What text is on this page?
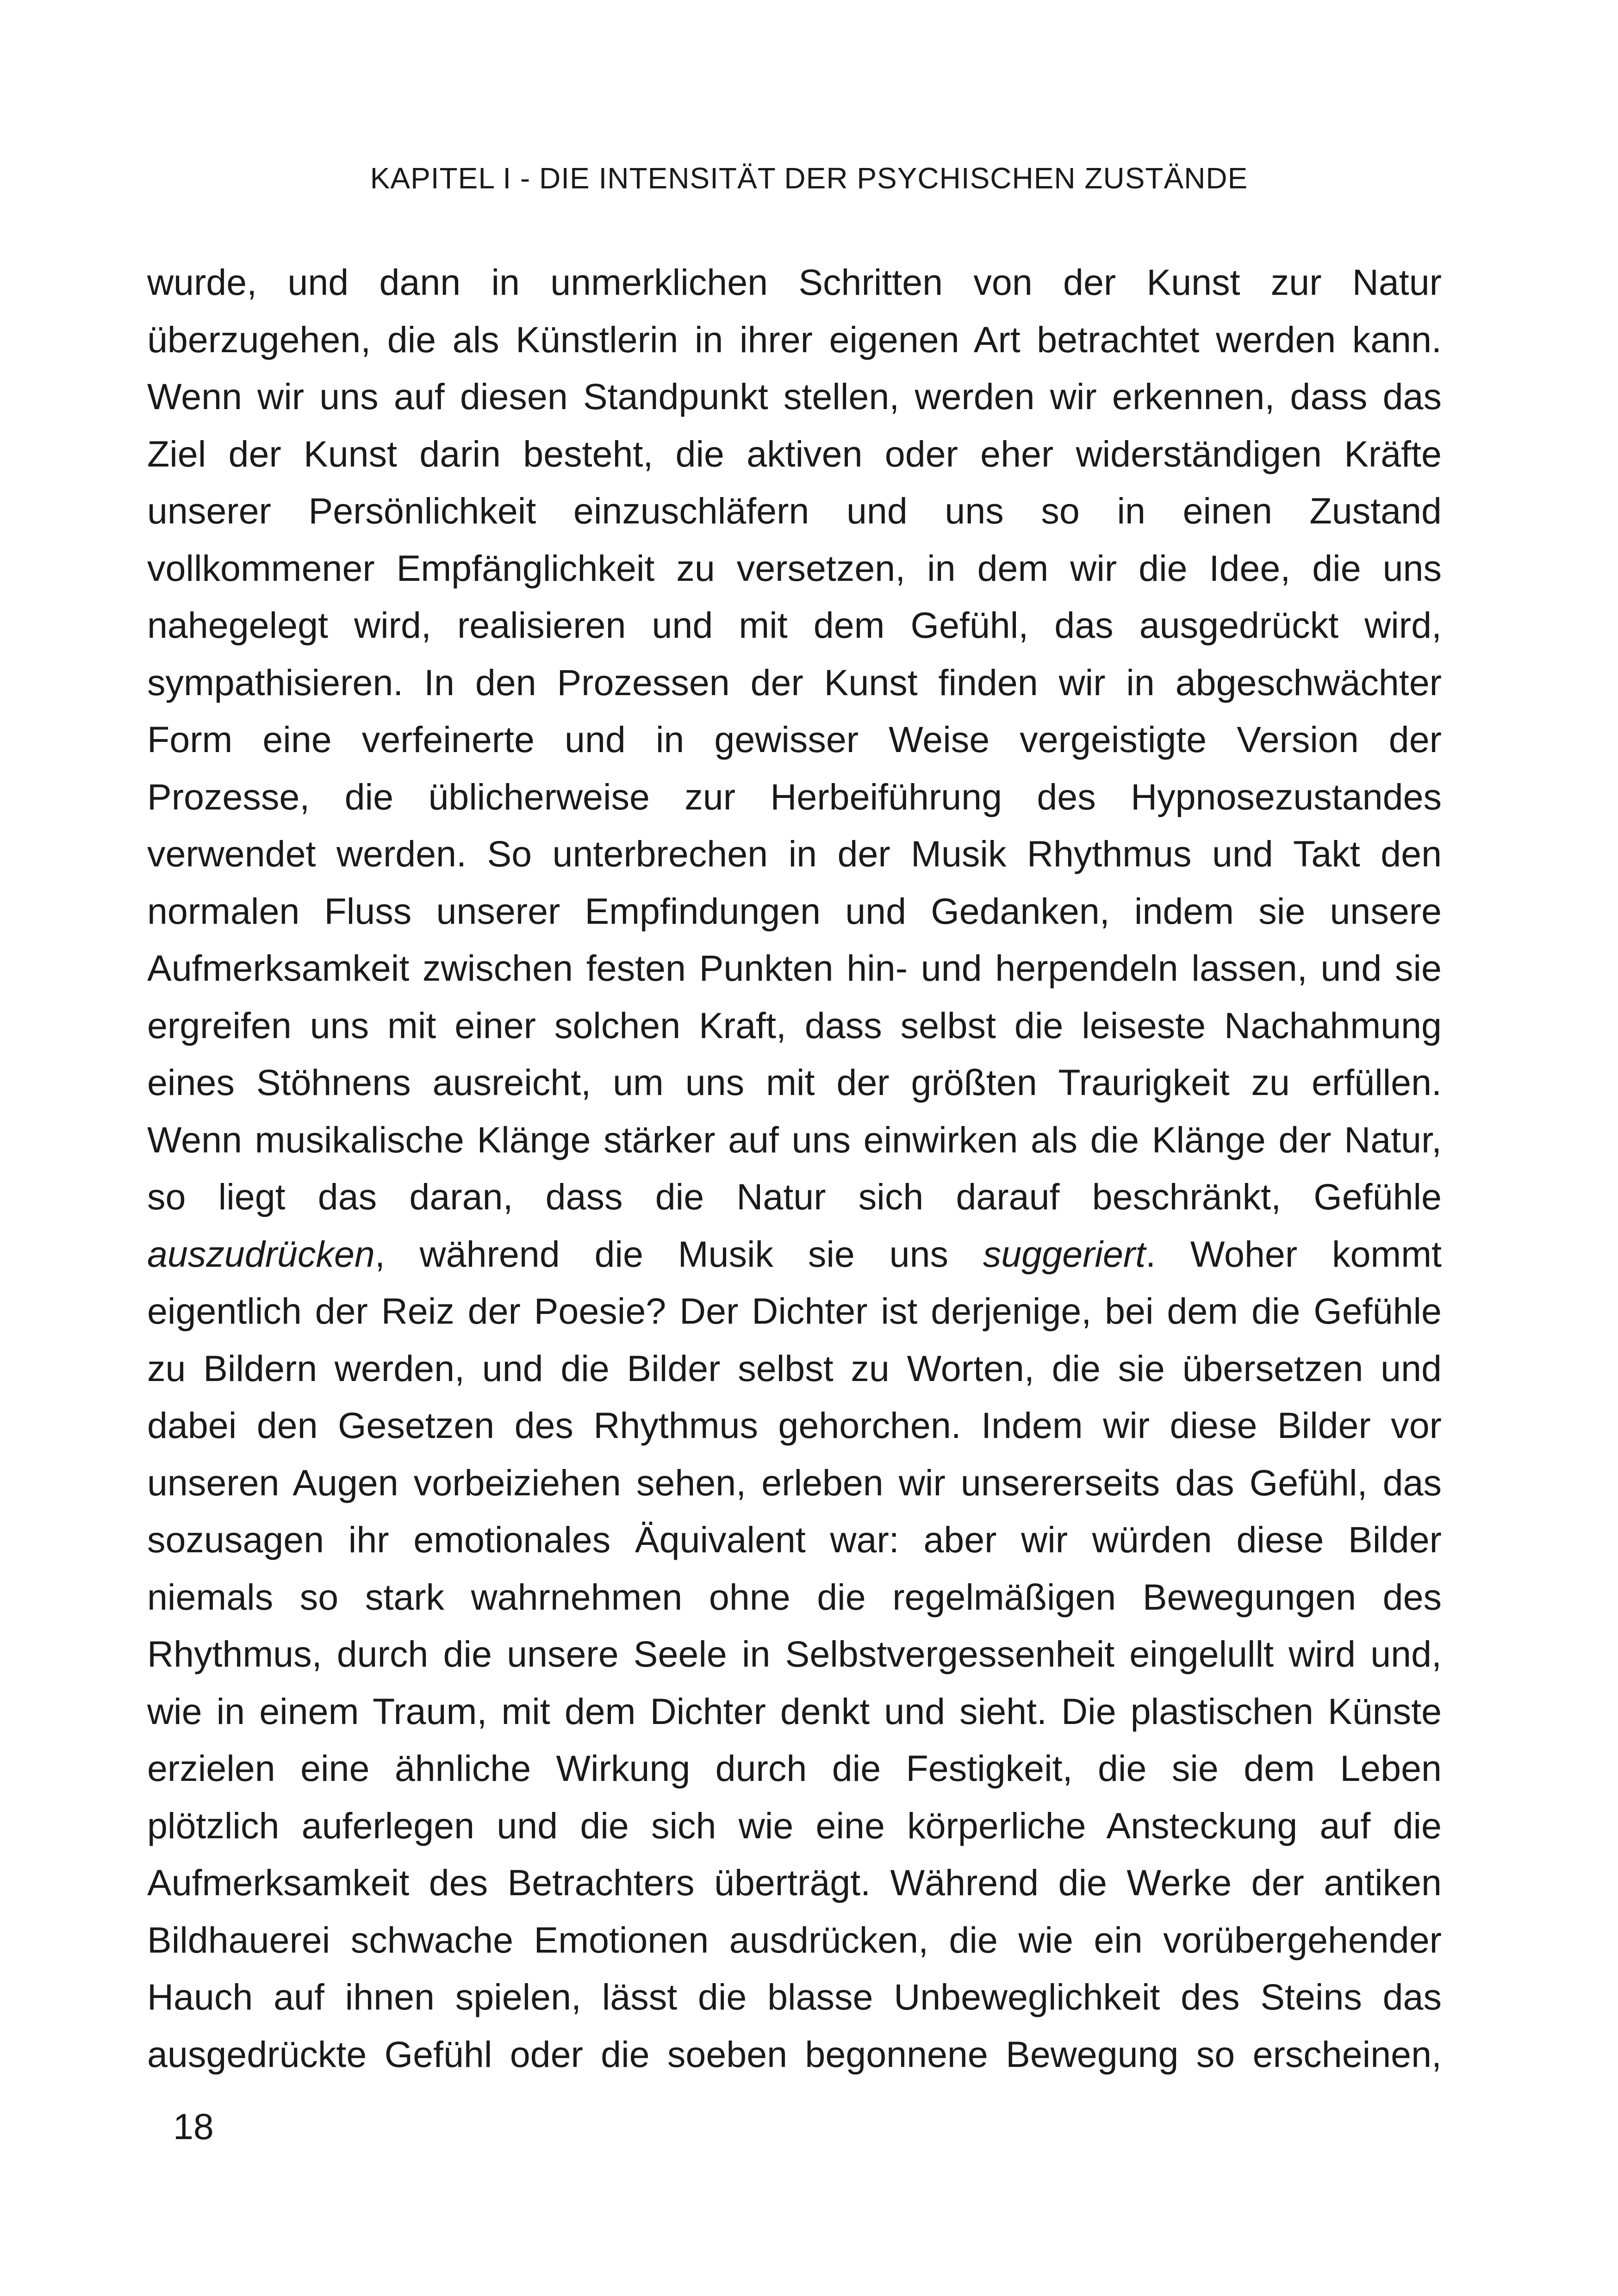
KAPITEL I - DIE INTENSITÄT DER PSYCHISCHEN ZUSTÄNDE
wurde, und dann in unmerklichen Schritten von der Kunst zur Natur
überzugehen, die als Künstlerin in ihrer eigenen Art betrachtet werden kann.
Wenn wir uns auf diesen Standpunkt stellen, werden wir erkennen, dass das
Ziel der Kunst darin besteht, die aktiven oder eher widerständigen Kräfte
unserer Persönlichkeit einzuschläfern und uns so in einen Zustand
vollkommener Empfänglichkeit zu versetzen, in dem wir die Idee, die uns
nahegelegt wird, realisieren und mit dem Gefühl, das ausgedrückt wird,
sympathisieren. In den Prozessen der Kunst finden wir in abgeschwächter
Form eine verfeinerte und in gewisser Weise vergeistigte Version der
Prozesse, die üblicherweise zur Herbeiführung des Hypnosezustandes
verwendet werden. So unterbrechen in der Musik Rhythmus und Takt den
normalen Fluss unserer Empfindungen und Gedanken, indem sie unsere
Aufmerksamkeit zwischen festen Punkten hin- und herpendeln lassen, und sie
ergreifen uns mit einer solchen Kraft, dass selbst die leiseste Nachahmung
eines Stöhnens ausreicht, um uns mit der größten Traurigkeit zu erfüllen.
Wenn musikalische Klänge stärker auf uns einwirken als die Klänge der Natur,
so liegt das daran, dass die Natur sich darauf beschränkt, Gefühle
auszudrücken, während die Musik sie uns suggeriert. Woher kommt
eigentlich der Reiz der Poesie? Der Dichter ist derjenige, bei dem die Gefühle
zu Bildern werden, und die Bilder selbst zu Worten, die sie übersetzen und
dabei den Gesetzen des Rhythmus gehorchen. Indem wir diese Bilder vor
unseren Augen vorbeiziehen sehen, erleben wir unsererseits das Gefühl, das
sozusagen ihr emotionales Äquivalent war: aber wir würden diese Bilder
niemals so stark wahrnehmen ohne die regelmäßigen Bewegungen des
Rhythmus, durch die unsere Seele in Selbstvergessenheit eingelullt wird und,
wie in einem Traum, mit dem Dichter denkt und sieht. Die plastischen Künste
erzielen eine ähnliche Wirkung durch die Festigkeit, die sie dem Leben
plötzlich auferlegen und die sich wie eine körperliche Ansteckung auf die
Aufmerksamkeit des Betrachters überträgt. Während die Werke der antiken
Bildhauerei schwache Emotionen ausdrücken, die wie ein vorübergehender
Hauch auf ihnen spielen, lässt die blasse Unbeweglichkeit des Steins das
ausgedrückte Gefühl oder die soeben begonnene Bewegung so erscheinen,
18
